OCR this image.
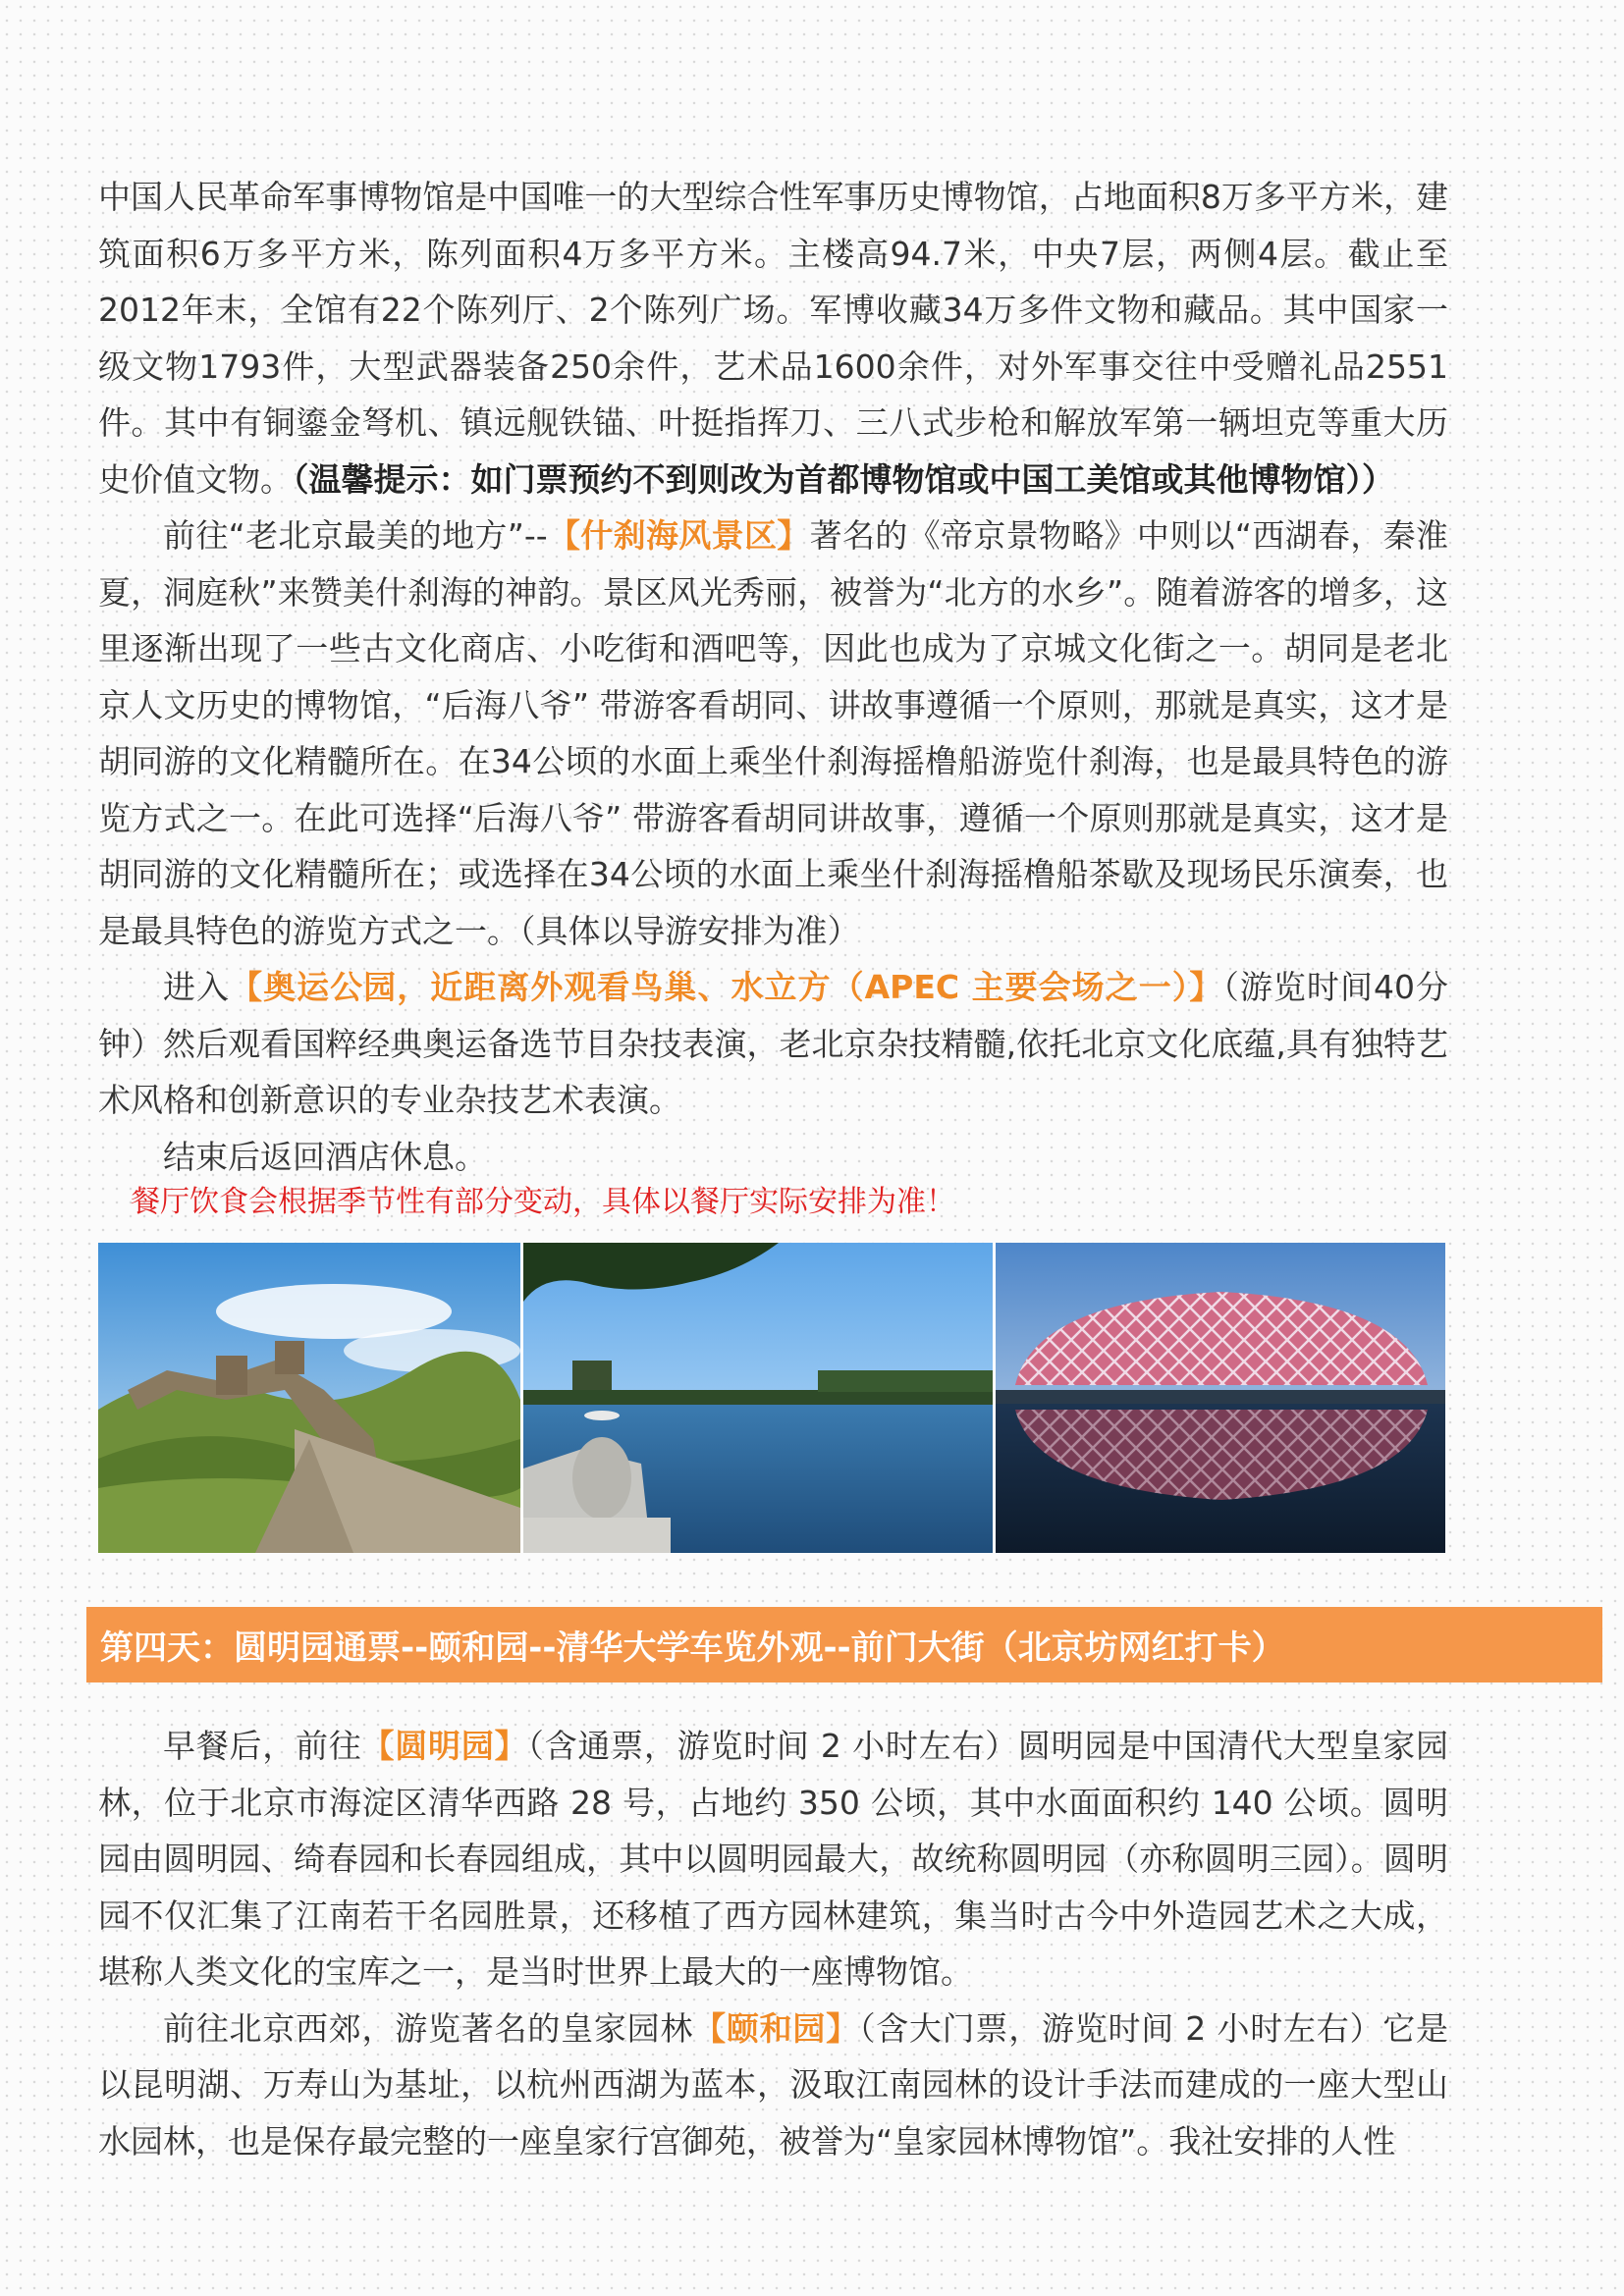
中国人民革命军事博物馆是中国唯一的大型综合性军事历史博物馆，占地面积8万多平方米，建筑面积6万多平方米，陈列面积4万多平方米。主楼高94.7米，中央7层，两侧4层。截止至2012年末，全馆有22个陈列厅、2个陈列广场。军博收藏34万多件文物和藏品。其中国家一级文物1793件，大型武器装备250余件，艺术品1600余件，对外军事交往中受赠礼品2551件。其中有铜鎏金弩机、镇远舰铁锚、叶挺指挥刀、三八式步枪和解放军第一辆坦克等重大历史价值文物。（温馨提示：如门票预约不到则改为首都博物馆或中国工美馆或其他博物馆））

前往“老北京最美的地方”--【什刹海风景区】著名的《帝京景物略》中则以“西湖春，秦淮夏，洞庭秋”来赞美什刹海的神韵。景区风光秀丽，被誉为“北方的水乡”。随着游客的增多，这里逐渐出现了一些古文化商店、小吃街和酒吧等，因此也成为了京城文化街之一。胡同是老北京人文历史的博物馆，“后海八爷” 带游客看胡同、讲故事遵循一个原则，那就是真实，这才是胡同游的文化精髓所在。在34公顷的水面上乘坐什刹海摇橹船游览什刹海，也是最具特色的游览方式之一。在此可选择“后海八爷” 带游客看胡同讲故事，遵循一个原则那就是真实，这才是胡同游的文化精髓所在；或选择在34公顷的水面上乘坐什刹海摇橹船茶歇及现场民乐演奏，也是最具特色的游览方式之一。（具体以导游安排为准）

进入【奥运公园，近距离外观看鸟巢、水立方（APEC 主要会场之一）】（游览时间40分钟）然后观看国粹经典奥运备选节目杂技表演，老北京杂技精髓,依托北京文化底蕴,具有独特艺术风格和创新意识的专业杂技艺术表演。

结束后返回酒店休息。

餐厅饮食会根据季节性有部分变动，具体以餐厅实际安排为准！
第四天：圆明园通票--颐和园--清华大学车览外观--前门大街（北京坊网红打卡）

早餐后，前往【圆明园】（含通票，游览时间 2 小时左右）圆明园是中国清代大型皇家园林，位于北京市海淀区清华西路 28 号，占地约 350 公顷，其中水面面积约 140 公顷。圆明园由圆明园、绮春园和长春园组成，其中以圆明园最大，故统称圆明园（亦称圆明三园）。圆明园不仅汇集了江南若干名园胜景，还移植了西方园林建筑，集当时古今中外造园艺术之大成，堪称人类文化的宝库之一，是当时世界上最大的一座博物馆。

前往北京西郊，游览著名的皇家园林【颐和园】（含大门票，游览时间 2 小时左右）它是以昆明湖、万寿山为基址，以杭州西湖为蓝本，汲取江南园林的设计手法而建成的一座大型山水园林，也是保存最完整的一座皇家行宫御苑，被誉为“皇家园林博物馆”。我社安排的人性
